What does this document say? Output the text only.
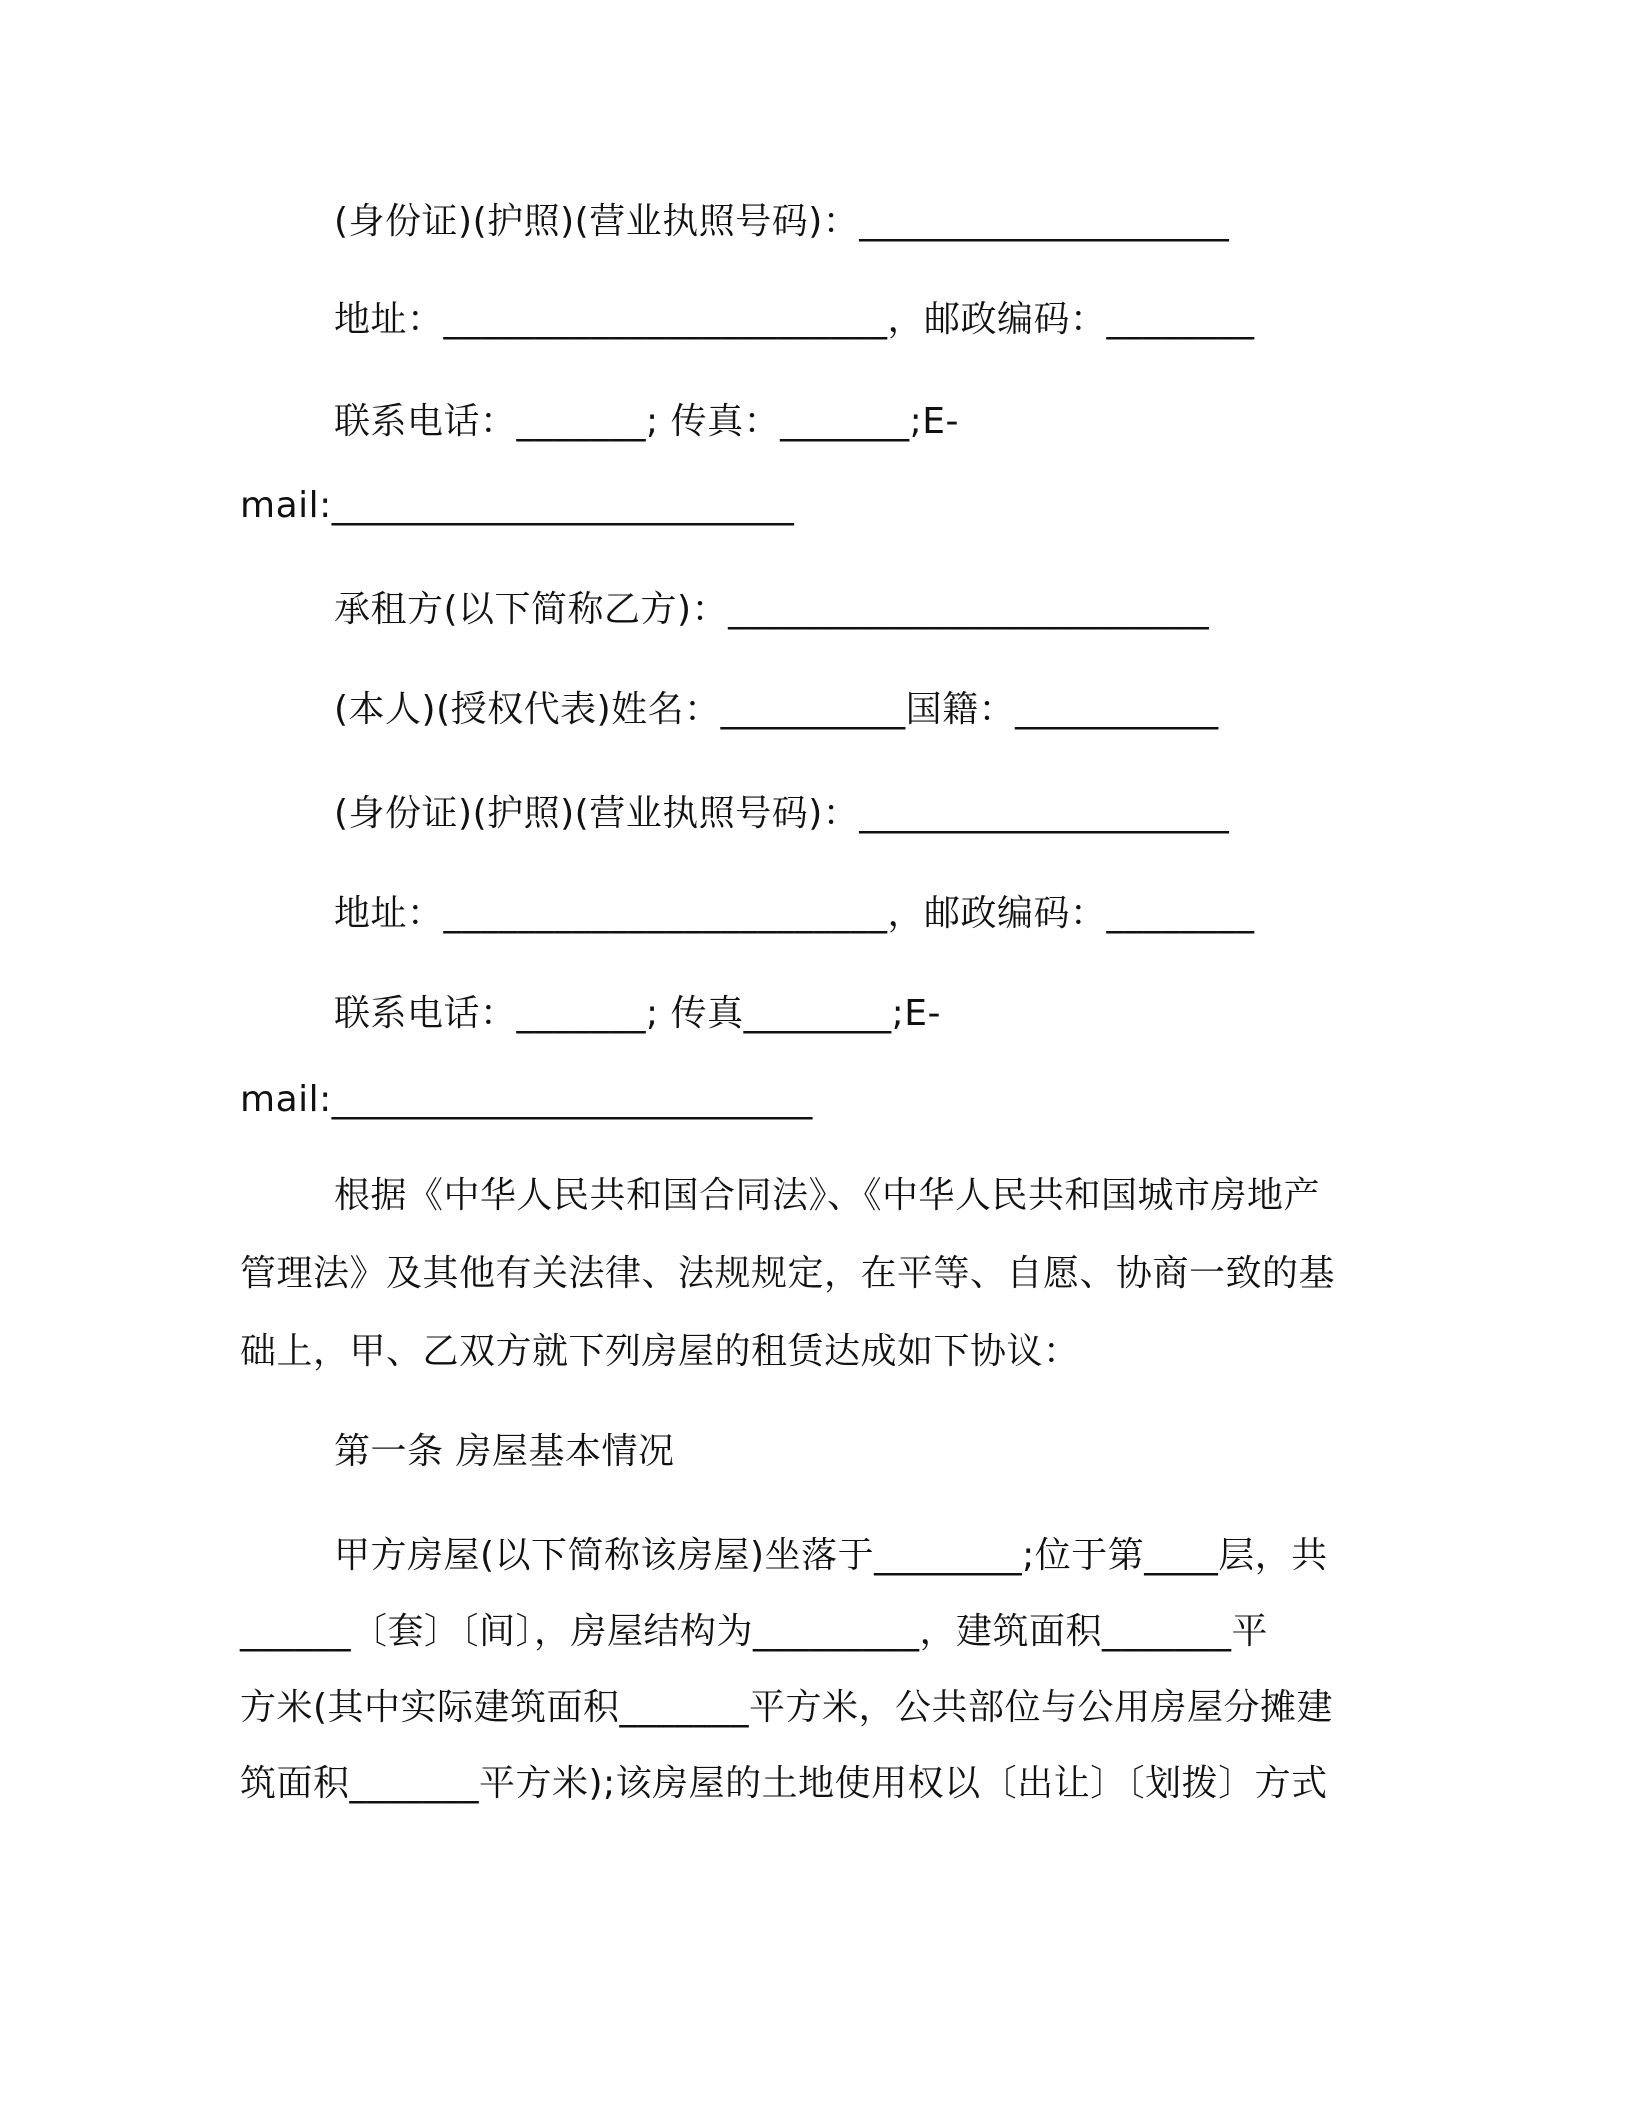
(身份证)(护照)(营业执照号码)：____________________
地址：________________________，邮政编码：________
联系电话：_______; 传真：_______;E-
mail:_________________________
承租方(以下简称乙方)：__________________________
(本人)(授权代表)姓名：__________国籍：___________
(身份证)(护照)(营业执照号码)：____________________
地址：________________________，邮政编码：________
联系电话：_______; 传真________;E-
mail:__________________________
根据《中华人民共和国合同法》、《中华人民共和国城市房地产
管理法》及其他有关法律、法规规定，在平等、自愿、协商一致的基
础上，甲、乙双方就下列房屋的租赁达成如下协议：
第一条 房屋基本情况
甲方房屋(以下简称该房屋)坐落于________;位于第____层，共
______〔套〕〔间〕，房屋结构为_________，建筑面积_______平
方米(其中实际建筑面积_______平方米，公共部位与公用房屋分摊建
筑面积_______平方米);该房屋的土地使用权以〔出让〕〔划拨〕方式
